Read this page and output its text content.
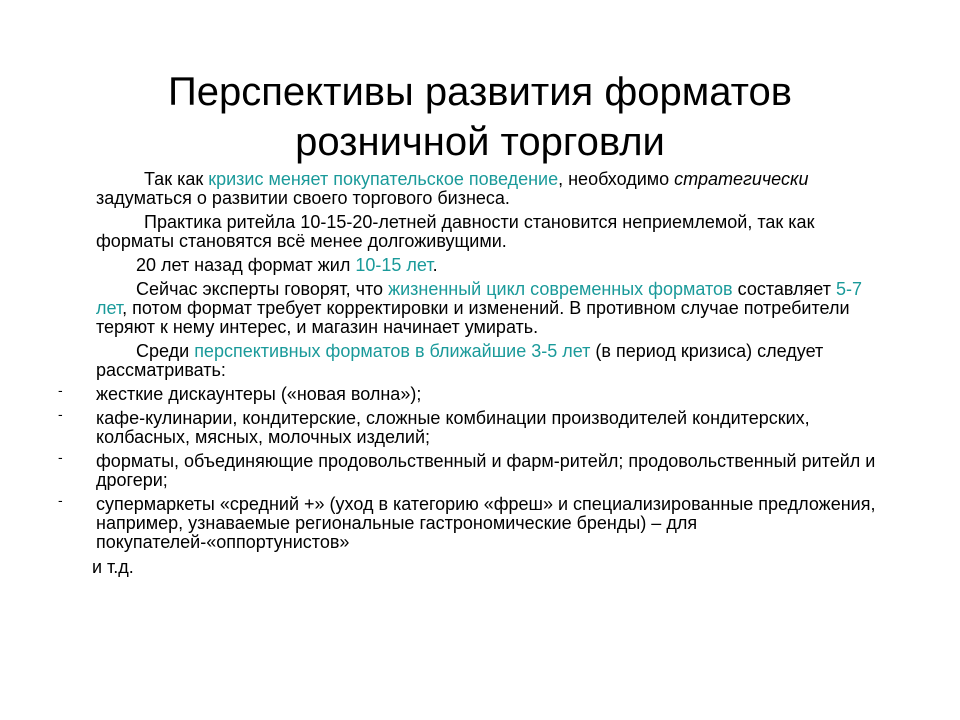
Перспективы развития форматов
розничной торговли

Так как кризис меняет покупательское поведение, необходимо стратегически задуматься о развитии своего торгового бизнеса.

Практика ритейла 10-15-20-летней давности становится неприемлемой, так как форматы становятся всё менее долгоживущими.

20 лет назад формат жил 10-15 лет.

Сейчас эксперты говорят, что жизненный цикл современных форматов составляет 5-7 лет, потом формат требует корректировки и изменений. В противном случае потребители теряют к нему интерес, и магазин начинает умирать.

Среди перспективных форматов в ближайшие 3-5 лет (в период кризиса) следует рассматривать:

- жесткие дискаунтеры («новая волна»);
- кафе-кулинарии, кондитерские, сложные комбинации производителей кондитерских, колбасных, мясных, молочных изделий;
- форматы, объединяющие продовольственный и фарм-ритейл; продовольственный ритейл и дрогери;
- супермаркеты «средний +» (уход в категорию «фреш» и специализированные предложения, например, узнаваемые региональные гастрономические бренды) – для покупателей-«оппортунистов»

и т.д.
